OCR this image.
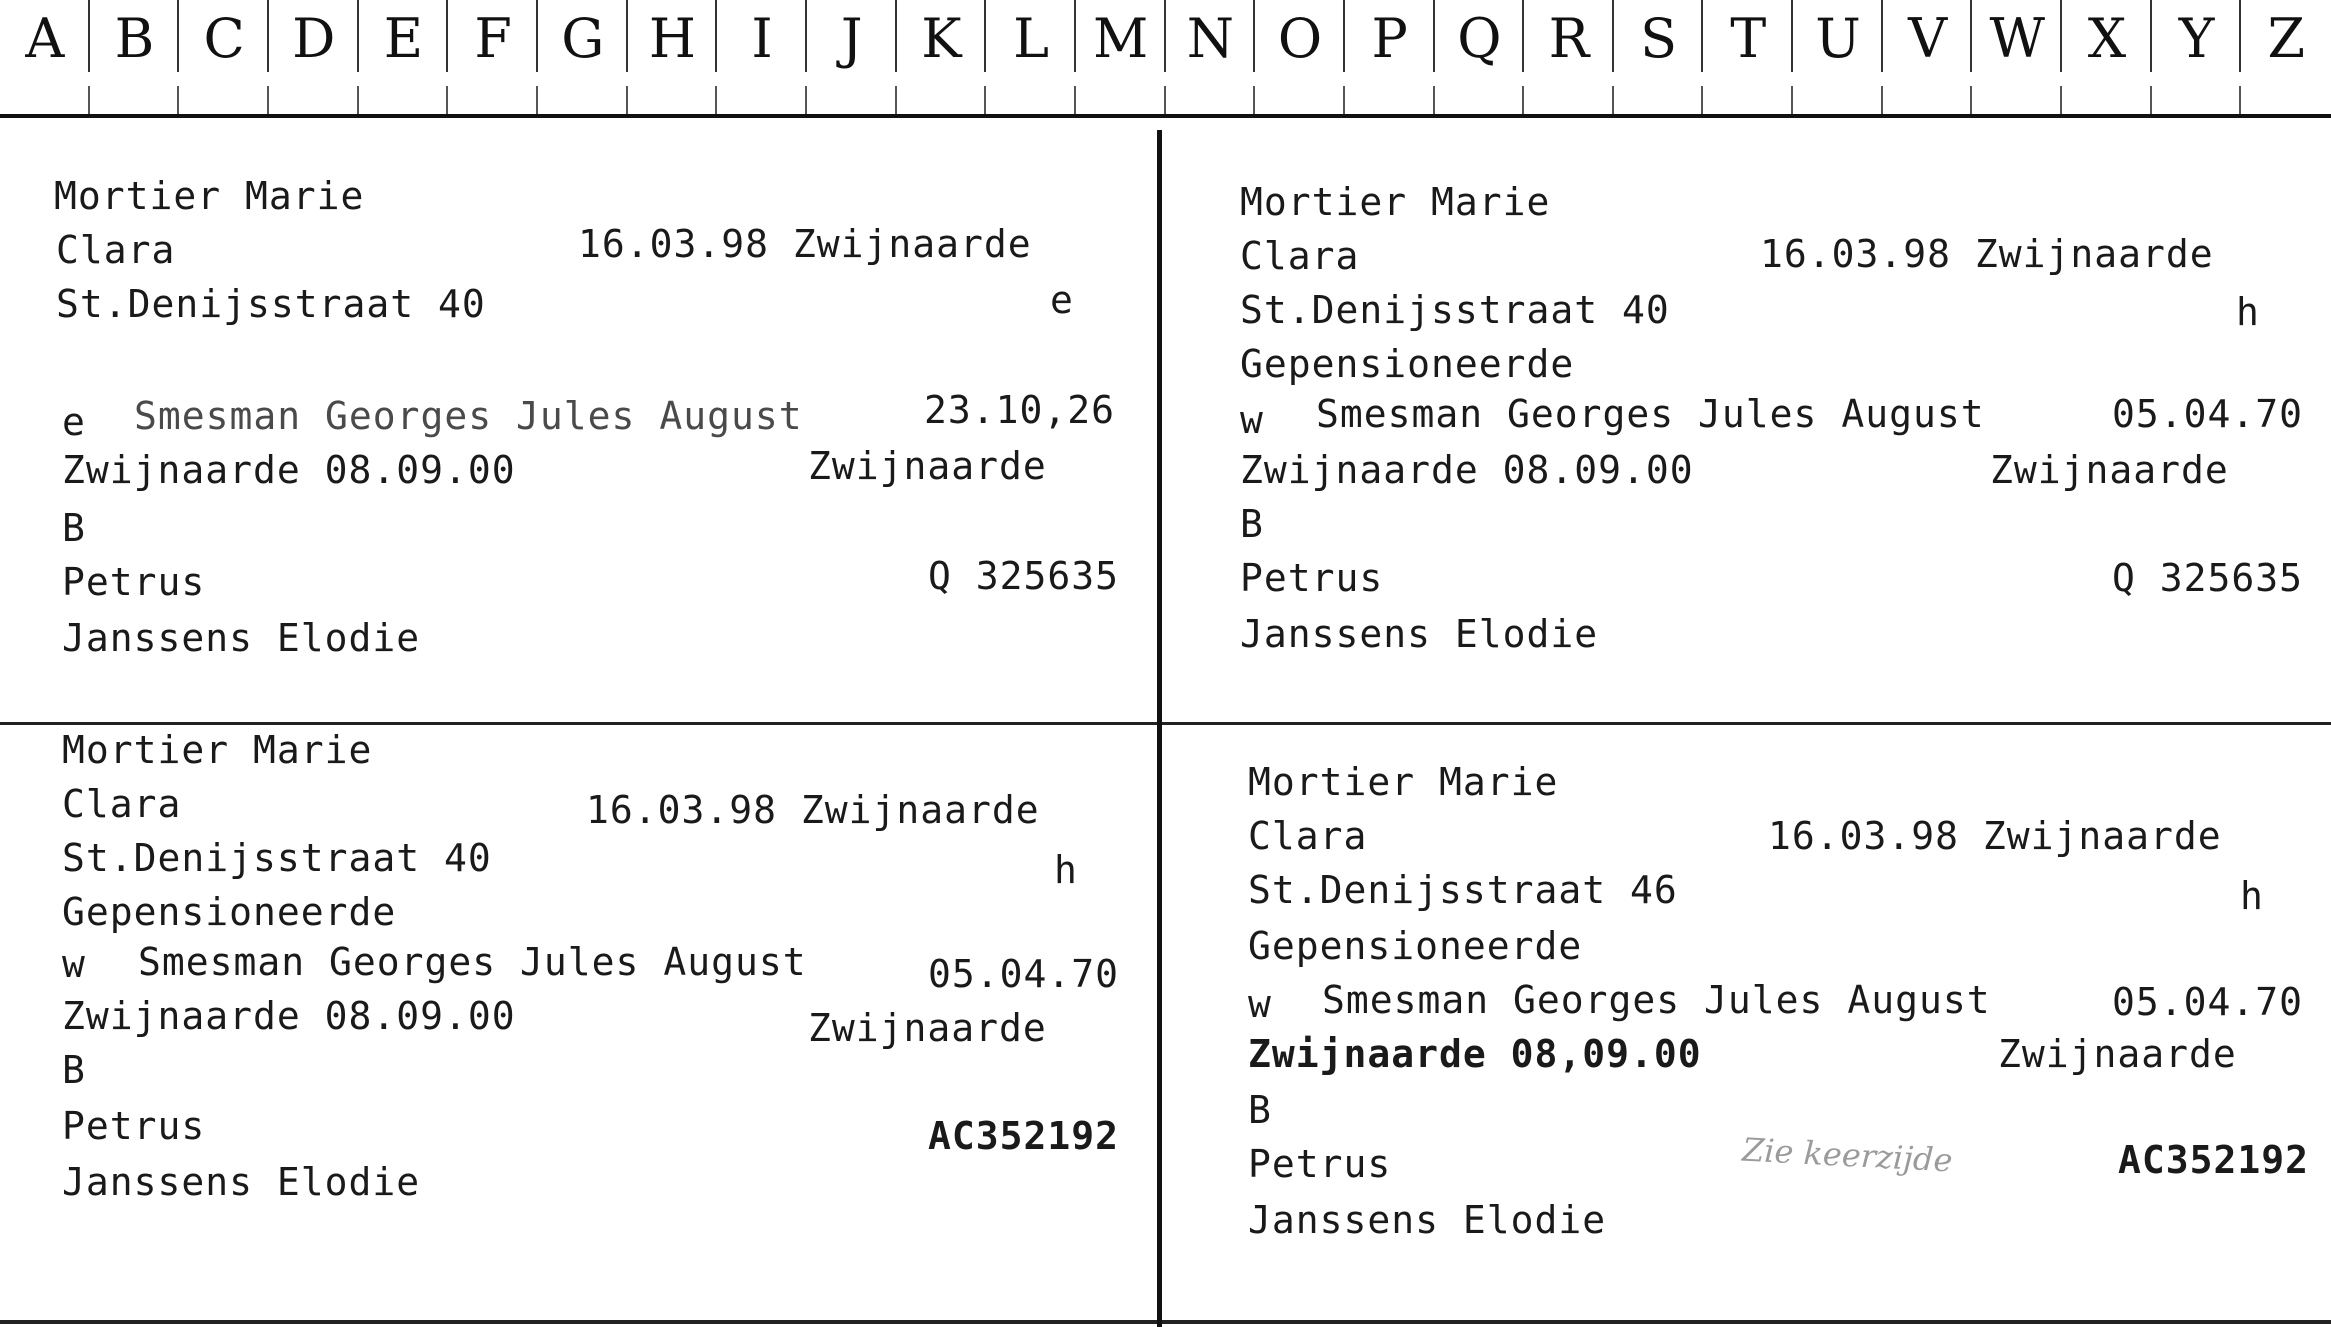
A B C D E F G H	I	J	K L M N O P Q R S T U V W X Y Z
Mortier Marie
Clara	16.03.98 Zwijnaarde
St.Denijsstraat 40	e
e Smesman Georges Jules August	23.10,26
Zwijnaarde 08.09.00	Zwijnaarde
B
Petrus	Q 325635
Janssens Elodie
Mortier Marie
Clara	16.03.98 Zwijnaarde
St.Denijsstraat 40	h
Gepensioneerde
w Smesman Georges Jules August	05.04.70
Zwijnaarde 08.09.00	Zwijnaarde
B
Petrus	Q 325635
Janssens Elodie
Mortier Marie
Clara	16.03.98 Zwijnaarde
St.Denijsstraat 40	h
Gepensioneerde
w Smesman Georges Jules August	05.04.70
Zwijnaarde 08.09.00	Zwijnaarde
B
Petrus	AC352192
Janssens Elodie
Mortier Marie
Clara	16.03.98 Zwijnaarde
St.Denijsstraat 46	h
Gepensioneerde
w Smesman Georges Jules August	05.04.70
Zwijnaarde 08,09.00	Zwijnaarde
B
Petrus	Zie keerzijde	AC352192
Janssens Elodie
